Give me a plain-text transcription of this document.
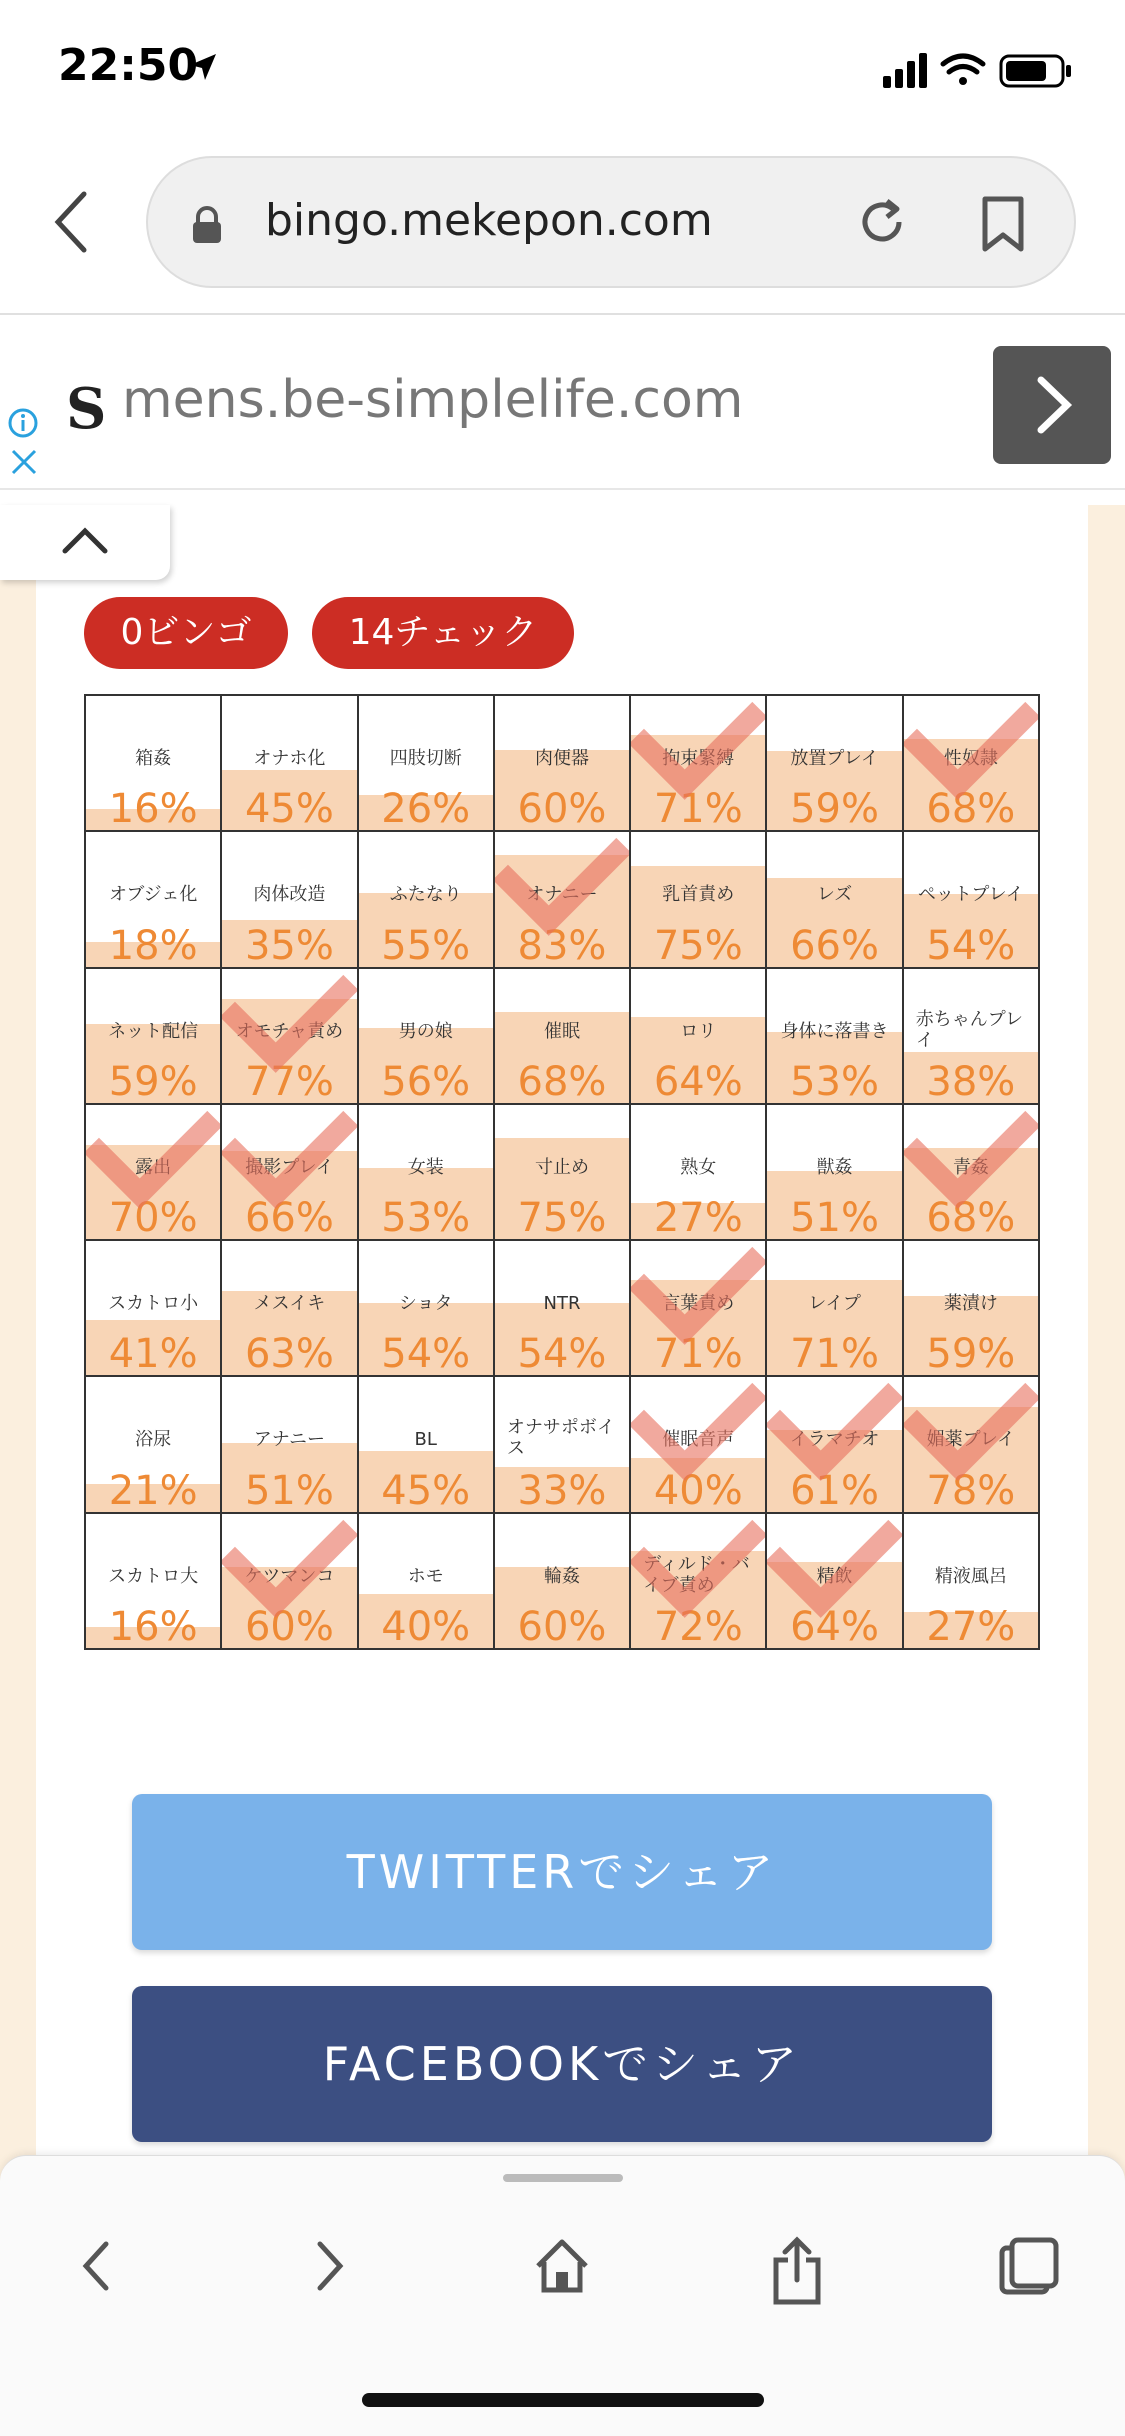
22:50
bingo.mekepon.com
S mens.be-simplelife.com
0ビンゴ	14チェック
箱姦
16%
オナホ化
45%
四肢切断
26%
肉便器
60%
拘束緊縛
71%
放置プレイ
59%
性奴隷
68%
オブジェ化
18%
肉体改造
35%
ふたなり
55%
オナニー
83%
乳首責め
75%
レズ
66%
ペットプレイ
54%
ネット配信
59%
オモチャ責め
77%
男の娘
56%
催眠
68%
ロリ
64%
身体に落書き
53%
赤ちゃんプレイ
38%
露出
70%
撮影プレイ
66%
女装
53%
寸止め
75%
熟女
27%
獣姦
51%
青姦
68%
スカトロ小
41%
メスイキ
63%
ショタ
54%
NTR
54%
言葉責め
71%
レイプ
71%
薬漬け
59%
浴尿
21%
アナニー
51%
BL
45%
オナサポボイス
33%
催眠音声
40%
イラマチオ
61%
媚薬プレイ
78%
スカトロ大
16%
ケツマンコ
60%
ホモ
40%
輪姦
60%
ディルド・バイブ責め
72%
精飲
64%
精液風呂
27%
TWITTERでシェア
FACEBOOKでシェア
